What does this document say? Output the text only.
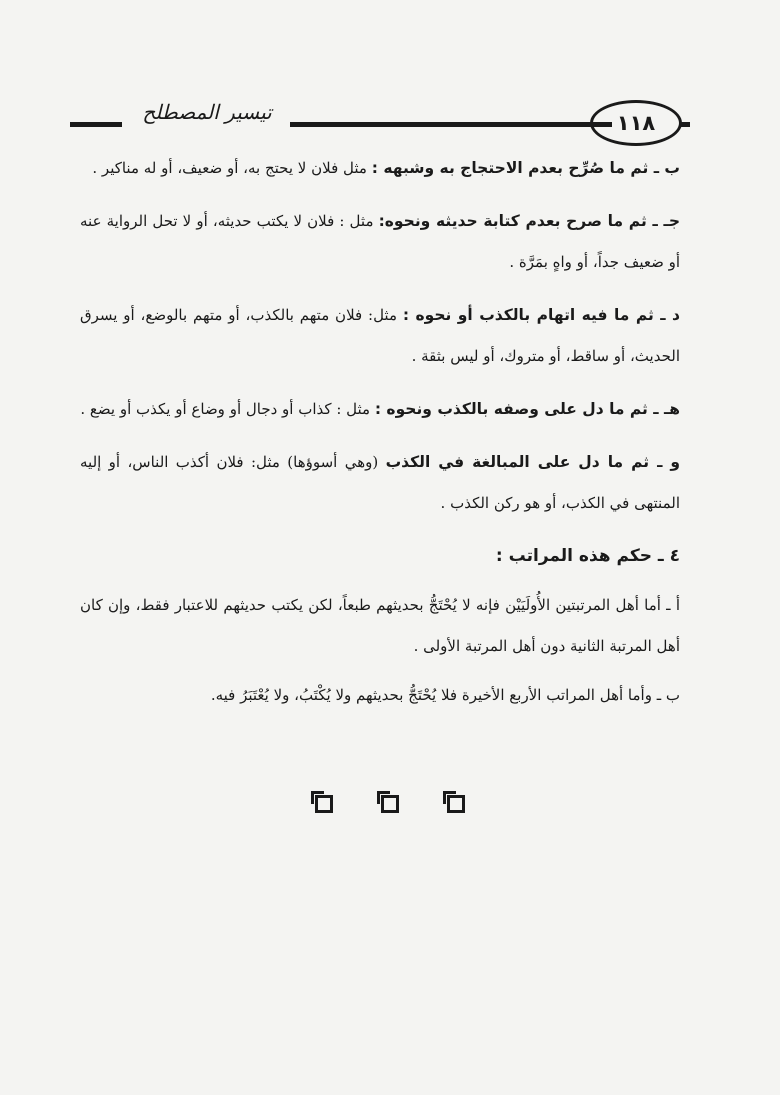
تيسير المصطلح	١١٨

ب ـ ثم ما صُرِّح بعدم الاحتجاج به وشبهه : مثل فلان لا يحتج به، أو ضعيف، أو له مناكير .

جـ ـ ثم ما صرح بعدم كتابة حديثه ونحوه: مثل : فلان لا يكتب حديثه، أو لا تحل الرواية عنه أو ضعيف جداً، أو واهٍ بمَرَّة .

د ـ ثم ما فيه اتهام بالكذب أو نحوه : مثل: فلان متهم بالكذب، أو متهم بالوضع، أو يسرق الحديث، أو ساقط، أو متروك، أو ليس بثقة .

هـ ـ ثم ما دل على وصفه بالكذب ونحوه : مثل : كذاب أو دجال أو وضاع أو يكذب أو يضع .

و ـ ثم ما دل على المبالغة في الكذب (وهي أسوؤها) مثل: فلان أكذب الناس، أو إليه المنتهى في الكذب، أو هو ركن الكذب .

٤ ـ حكم هذه المراتب :
أ ـ أما أهل المرتبتين الأُولَيَيْن فإنه لا يُحْتَجُّ بحديثهم طبعاً، لكن يكتب حديثهم للاعتبار فقط، وإن كان أهل المرتبة الثانية دون أهل المرتبة الأولى .
ب ـ وأما أهل المراتب الأربع الأخيرة فلا يُحْتَجُّ بحديثهم ولا يُكْتَبُ، ولا يُعْتَبَرُ فيه.
